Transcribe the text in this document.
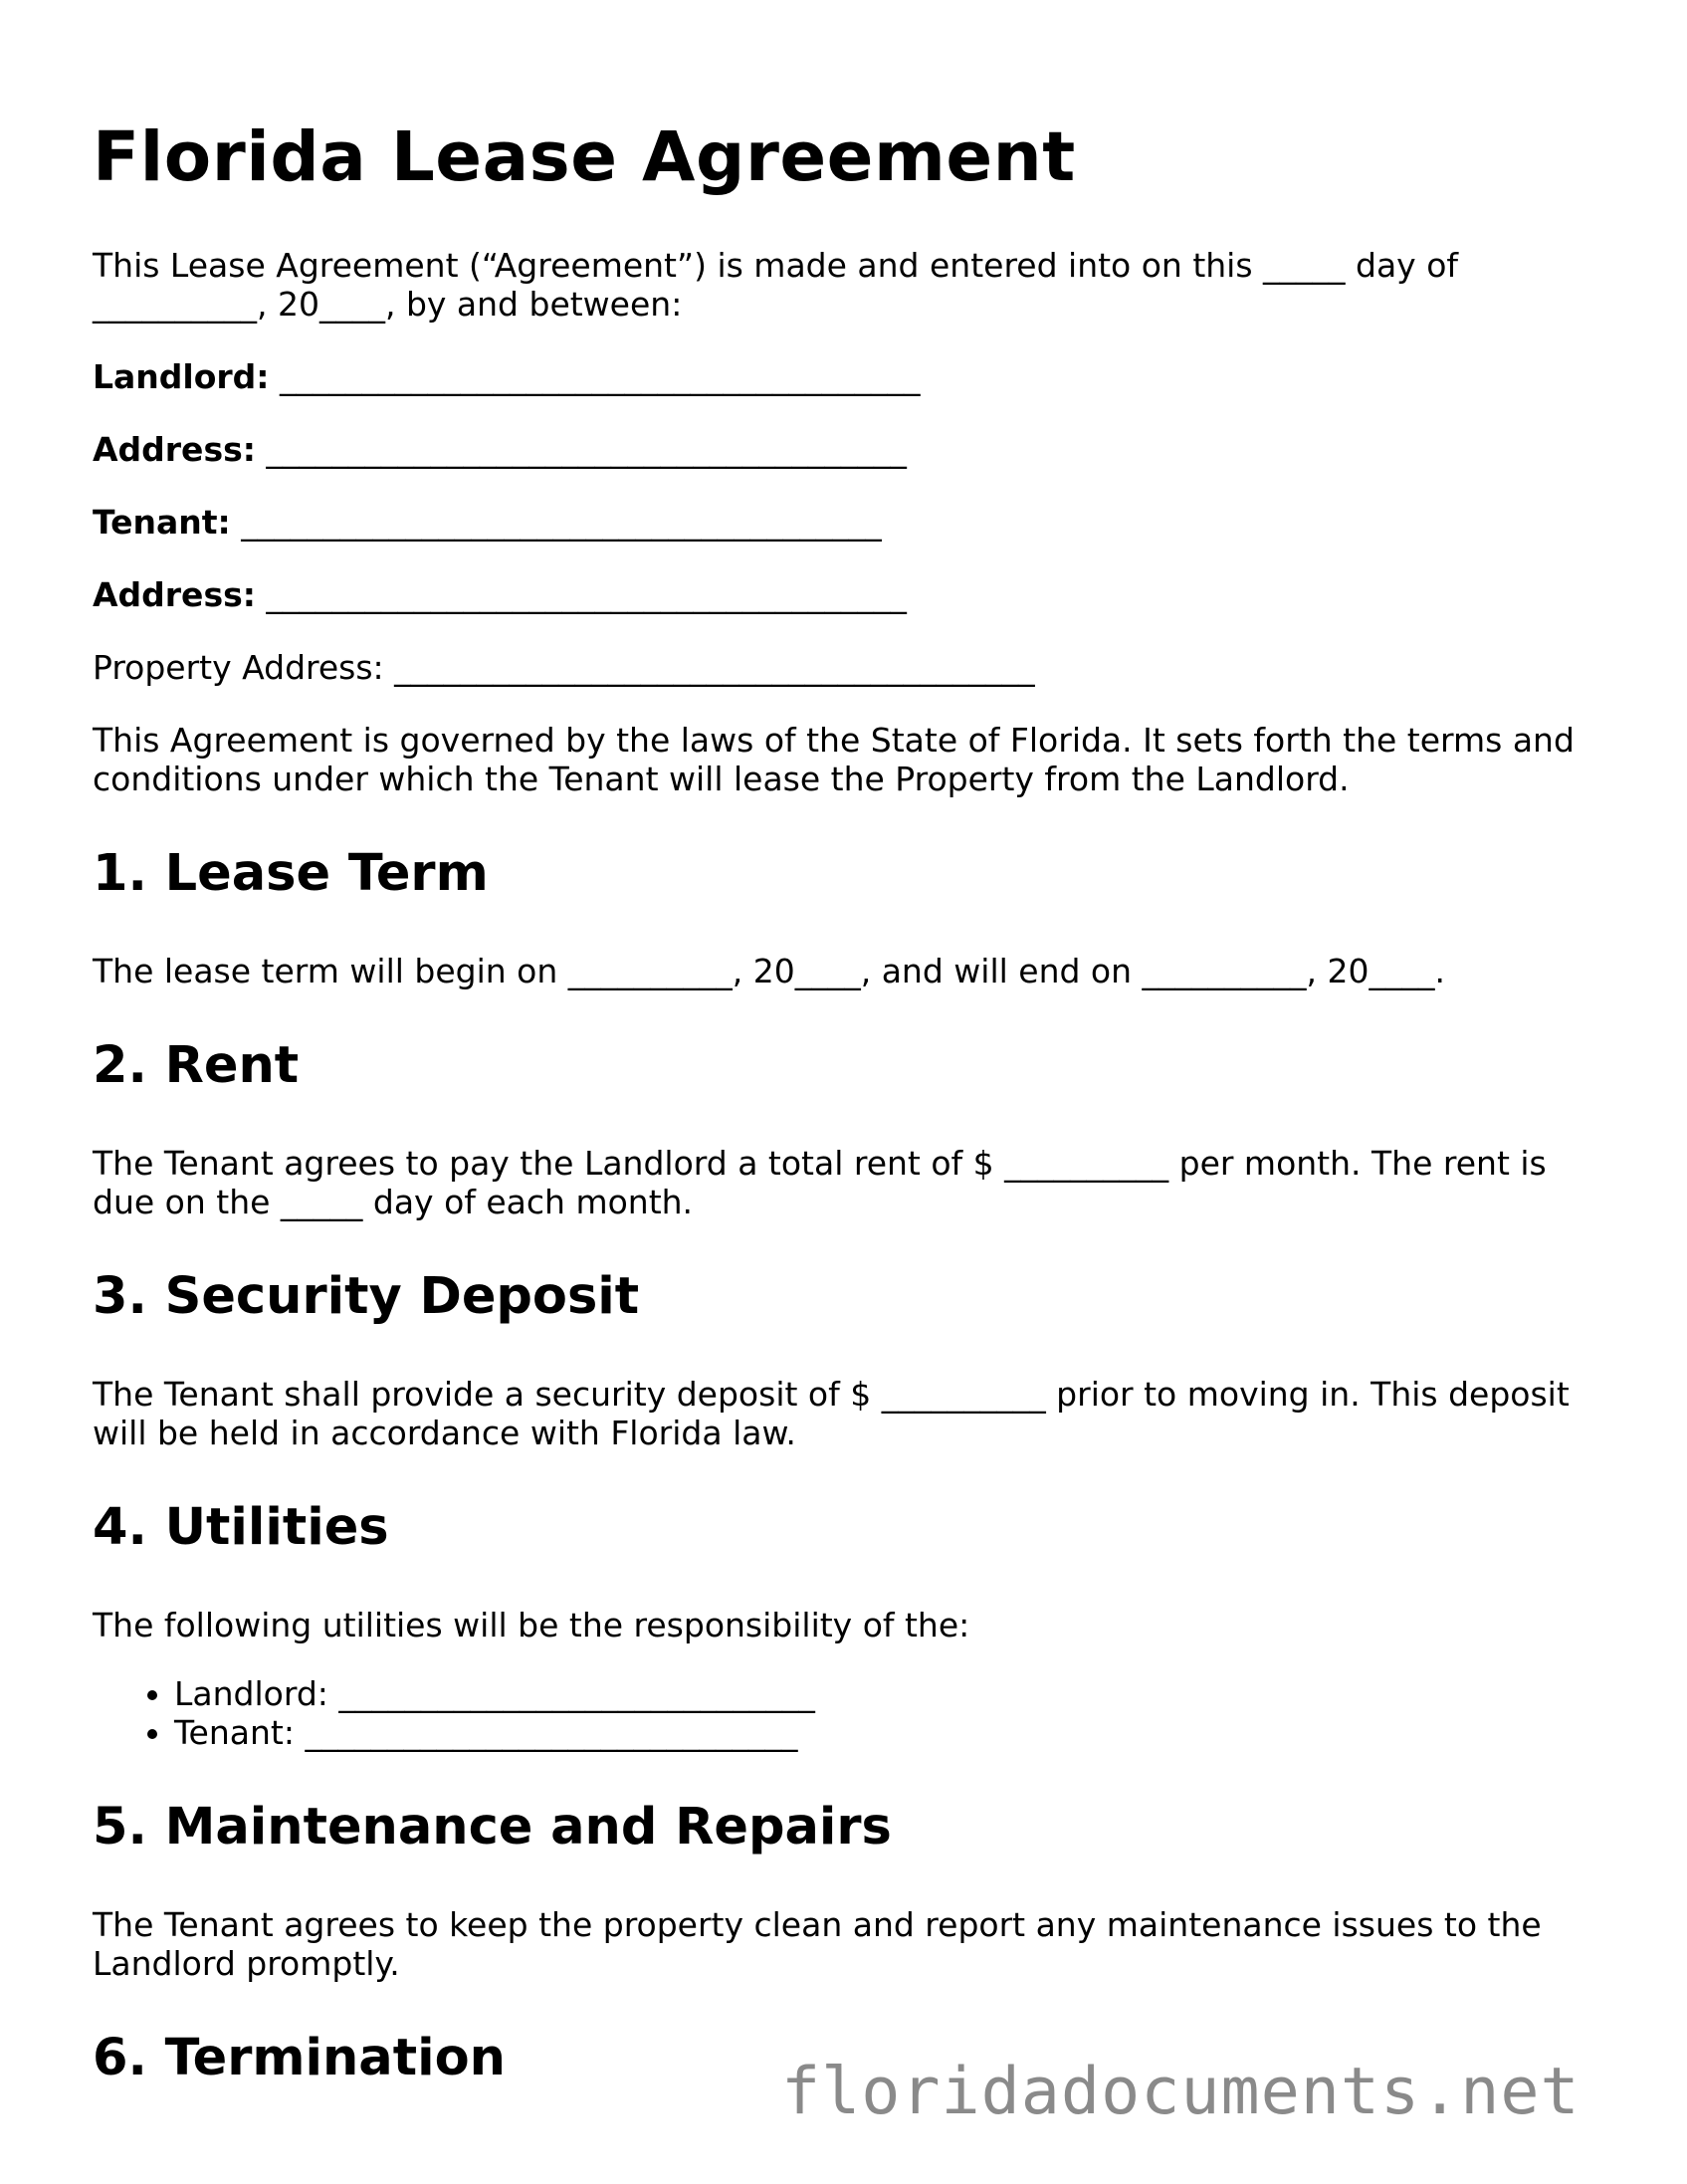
Florida Lease Agreement

This Lease Agreement (“Agreement”) is made and entered into on this _____ day of __________, 20____, by and between:

Landlord: _______________________________________
Address: _______________________________________
Tenant: _______________________________________
Address: _______________________________________
Property Address: _______________________________________

This Agreement is governed by the laws of the State of Florida. It sets forth the terms and conditions under which the Tenant will lease the Property from the Landlord.

1. Lease Term

The lease term will begin on __________, 20____, and will end on __________, 20____.

2. Rent

The Tenant agrees to pay the Landlord a total rent of $ __________ per month. The rent is due on the _____ day of each month.

3. Security Deposit

The Tenant shall provide a security deposit of $ __________ prior to moving in. This deposit will be held in accordance with Florida law.

4. Utilities

The following utilities will be the responsibility of the:

• Landlord: _____________________________
• Tenant: ______________________________
5. Maintenance and Repairs

The Tenant agrees to keep the property clean and report any maintenance issues to the Landlord promptly.

6. Termination	floridadocuments.net
